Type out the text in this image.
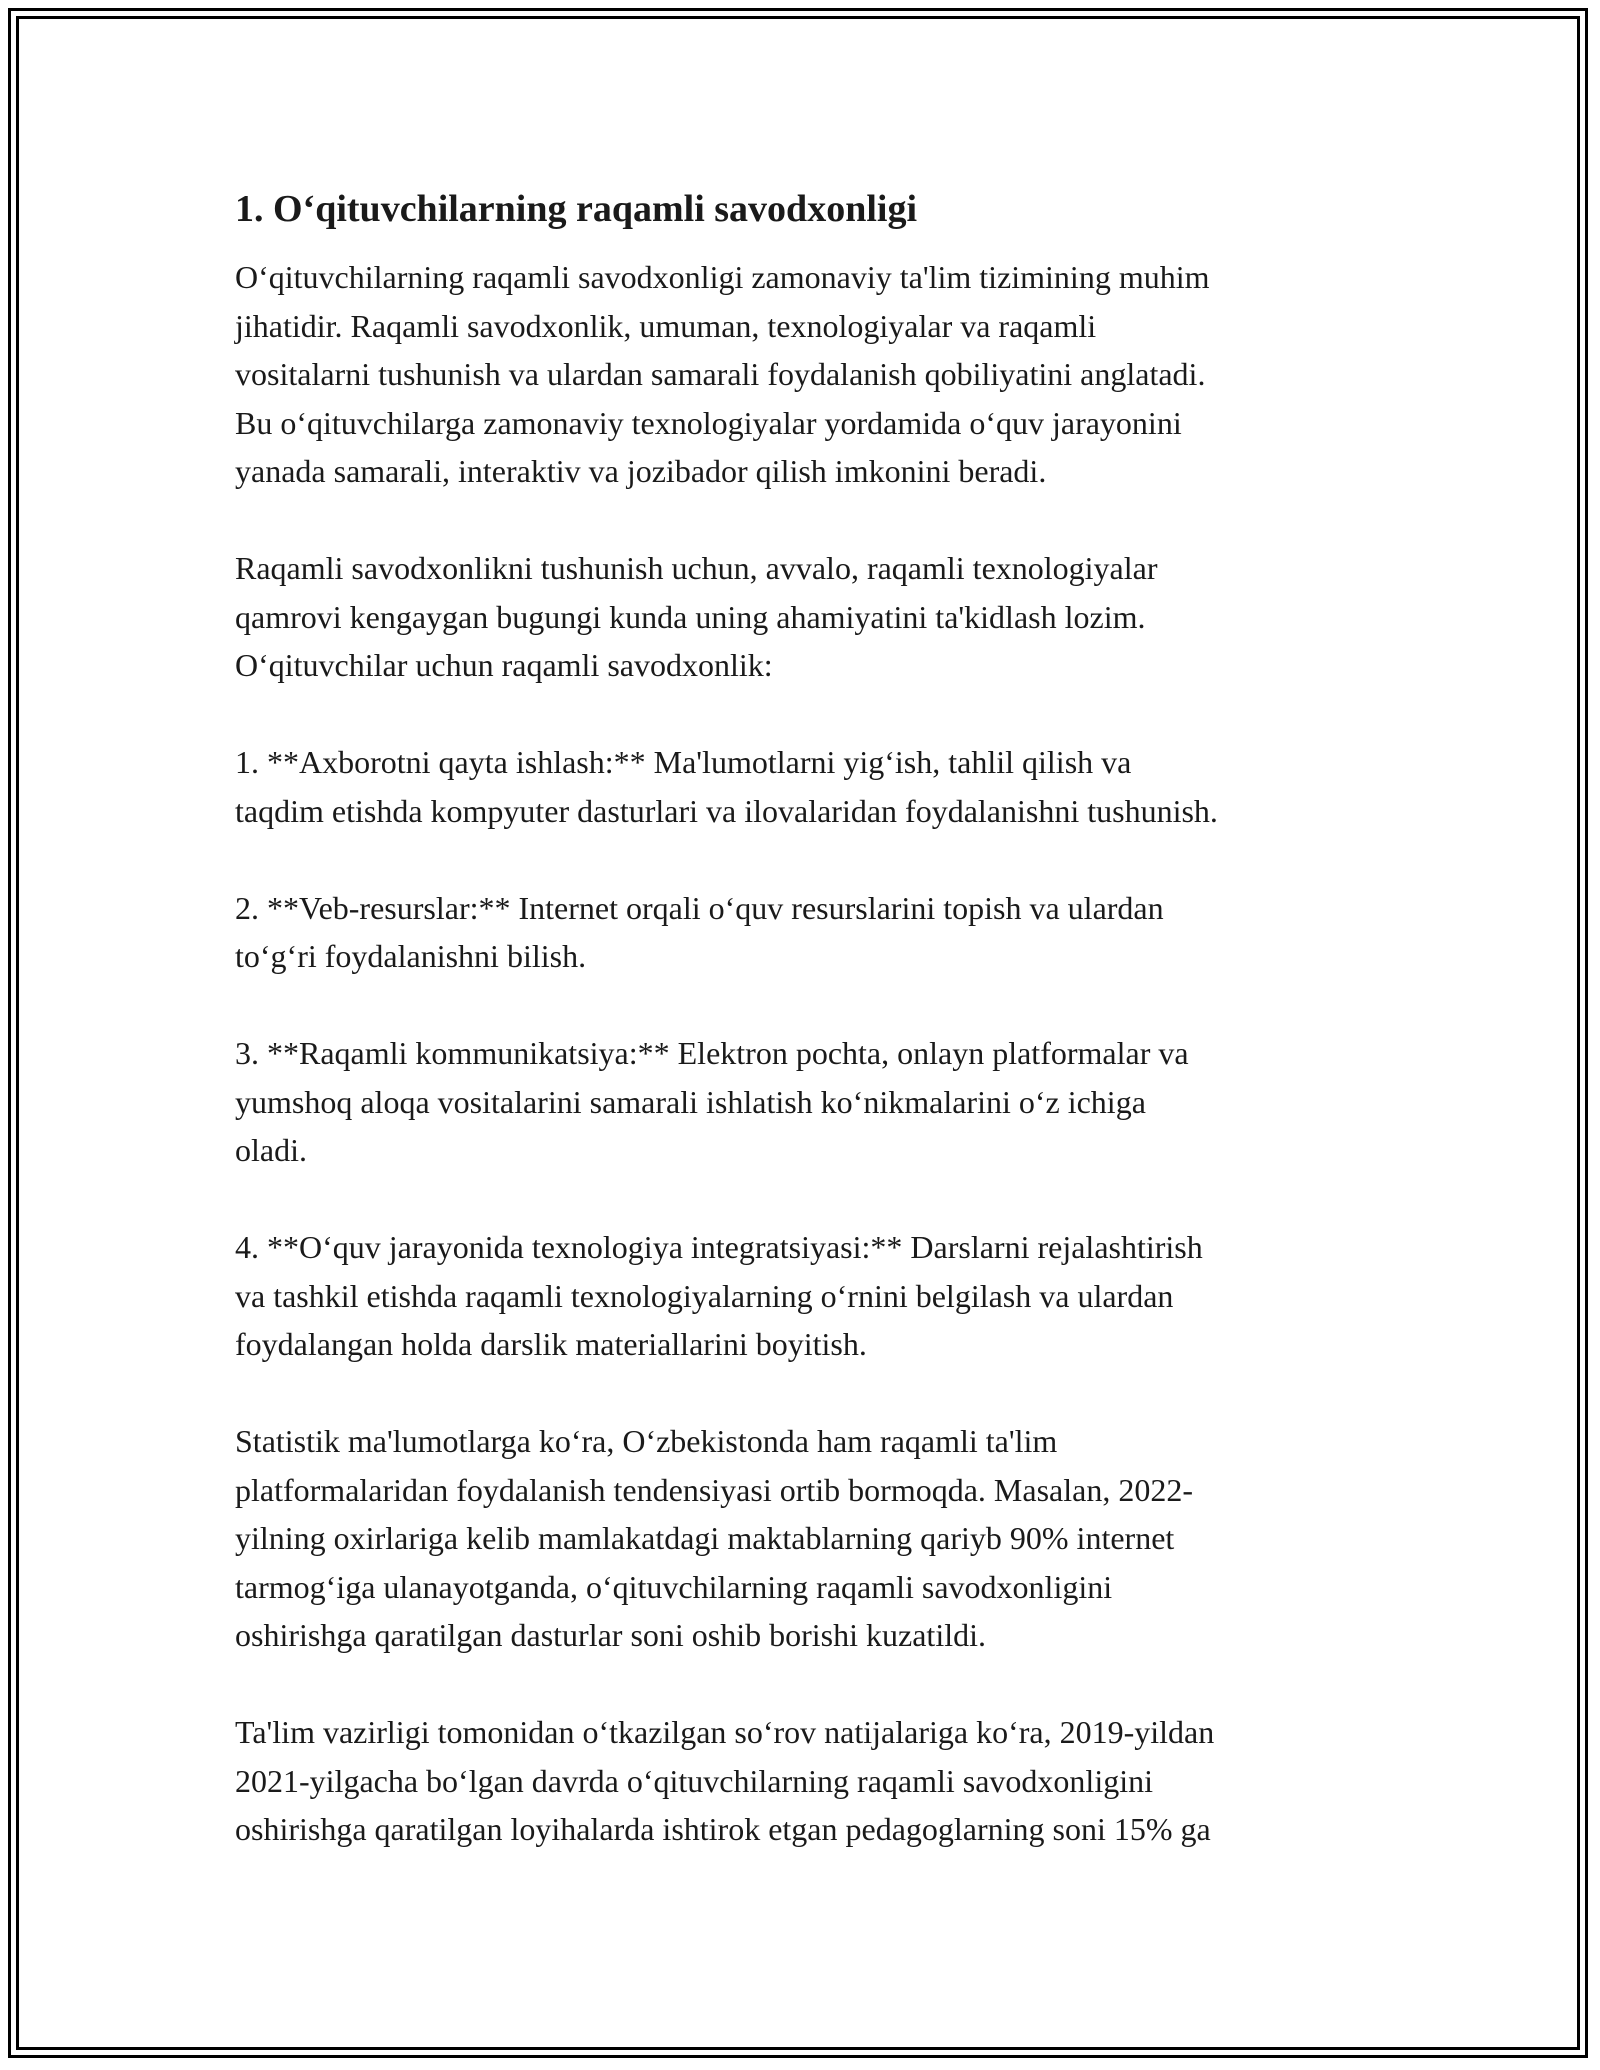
1. O‘qituvchilarning raqamli savodxonligi
O‘qituvchilarning raqamli savodxonligi zamonaviy ta'lim tizimining muhim
jihatidir. Raqamli savodxonlik, umuman, texnologiyalar va raqamli
vositalarni tushunish va ulardan samarali foydalanish qobiliyatini anglatadi.
Bu o‘qituvchilarga zamonaviy texnologiyalar yordamida o‘quv jarayonini
yanada samarali, interaktiv va jozibador qilish imkonini beradi.
Raqamli savodxonlikni tushunish uchun, avvalo, raqamli texnologiyalar
qamrovi kengaygan bugungi kunda uning ahamiyatini ta'kidlash lozim.
O‘qituvchilar uchun raqamli savodxonlik:
1. **Axborotni qayta ishlash:** Ma'lumotlarni yig‘ish, tahlil qilish va
taqdim etishda kompyuter dasturlari va ilovalaridan foydalanishni tushunish.
2. **Veb-resurslar:** Internet orqali o‘quv resurslarini topish va ulardan
to‘g‘ri foydalanishni bilish.
3. **Raqamli kommunikatsiya:** Elektron pochta, onlayn platformalar va
yumshoq aloqa vositalarini samarali ishlatish ko‘nikmalarini o‘z ichiga
oladi.
4. **O‘quv jarayonida texnologiya integratsiyasi:** Darslarni rejalashtirish
va tashkil etishda raqamli texnologiyalarning o‘rnini belgilash va ulardan
foydalangan holda darslik materiallarini boyitish.
Statistik ma'lumotlarga ko‘ra, O‘zbekistonda ham raqamli ta'lim
platformalaridan foydalanish tendensiyasi ortib bormoqda. Masalan, 2022-
yilning oxirlariga kelib mamlakatdagi maktablarning qariyb 90% internet
tarmog‘iga ulanayotganda, o‘qituvchilarning raqamli savodxonligini
oshirishga qaratilgan dasturlar soni oshib borishi kuzatildi.
Ta'lim vazirligi tomonidan o‘tkazilgan so‘rov natijalariga ko‘ra, 2019-yildan
2021-yilgacha bo‘lgan davrda o‘qituvchilarning raqamli savodxonligini
oshirishga qaratilgan loyihalarda ishtirok etgan pedagoglarning soni 15% ga
